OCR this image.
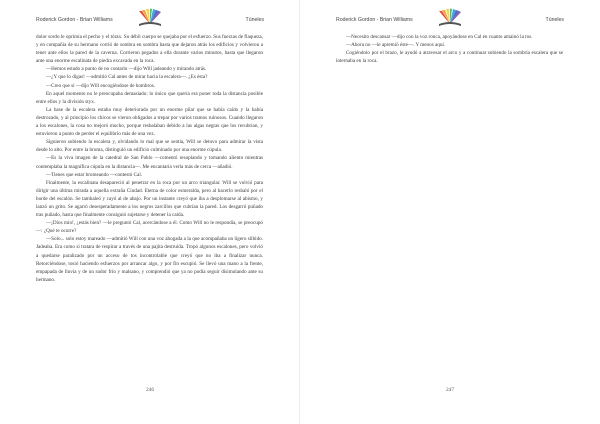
Roderick Gordon - Brian Williams	Túneles

dolor sordo le oprimía el pecho y el tórax. Su débil cuerpo se quejaba por el esfuerzo. Sus fuerzas de flaqueza, y en compañía de su hermano corrió de sombra en sombra hasta que dejaron atrás los edificios y volvieron a tener ante ellos la pared de la caverna. Corrieron pegados a ella durante varios minutos, hasta que llegaron ante una enorme escalinata de piedra excavada en la roca.

—Hemos estado a punto de no contarlo —dijo Will jadeando y mirando atrás.

—¿Y que lo digas! —admitió Cal antes de mirar hacia la escalera—. ¿Es ésta?

—Creo que sí —dijo Will encogiéndose de hombros.

En aquel momento no le preocupaba demasiado: lo único que quería era poner toda la distancia posible entre ellos y la división styx.

La base de la escalera estaba muy deteriorada por un enorme pilar que se había caído y la había destrozado, y al principio los chicos se vieron obligados a trepar por varios tramos ruinosos. Cuando llegaron a los escalones, la cosa no mejoró mucho, porque resbalaban debido a las algas negras que los recubrían, y estuvieron a punto de perder el equilibrio más de una vez.

Siguieron subiendo la escalera y, olvidando lo mal que se sentía, Will se detuvo para admirar la vista desde lo alto. Por entre la bruma, distinguió un edificio culminado por una enorme cúpula.

—Es la viva imagen de la catedral de San Pablo —comentó resoplando y tomando aliento mientras contemplaba la magnífica cúpula en la distancia—. Me encantaría verla más de cerca —añadió.

—Tienes que estar bromeando —contestó Cal.

Finalmente, la escalinata desapareció al penetrar en la roca por un arco triangular. Will se volvió para dirigir una última mirada a aquella extraña Ciudad. Eterna de color esmeralda, pero al hacerlo resbaló por el borde del escalón. Se tambaleó y cayó al de abajo. Por un instante creyó que iba a desplomarse al abismo, y lanzó un grito. Se agarró desesperadamente a los negros zarcillos que cubrían la pared. Los desgarró puñado tras puñado, hasta que finalmente consiguió sujetarse y detener la caída.

—¡Dios mío!, ¿estás bien? —le preguntó Cal, acercándose a él. Como Will no le respondía, se preocupó—: ¿Qué te ocurre?

—Solo... solo estoy mareado —admitió Will con una voz ahogada a la que acompañaba un ligero silbido. Jadeaba. Era como si tratara de respirar a través de una pajita destruida. Tropó algunos escalones, pero volvió a quedarse paralizado por un acceso de tos incontrolable que creyó que no iba a finalizar nunca. Retorciéndose, tosió haciendo esfuerzos por arrancar algo, y por fin escupió. Se llevó una mano a la frente, empapada de lluvia y de un sudor frío y malsano, y comprendió que ya no podía seguir disimulando ante su hermano.

246
Roderick Gordon - Brian Williams	Túneles

—Necesito descansar —dijo con la voz ronca, apoyándose en Cal en cuanto amainó la tos.

—Ahora no —le apremió éste—. Y menos aquí.

Cogiéndolo por el brazo, le ayudó a atravesar el arco y a continuar subiendo la sombría escalera que se internaba en la roca.

247
